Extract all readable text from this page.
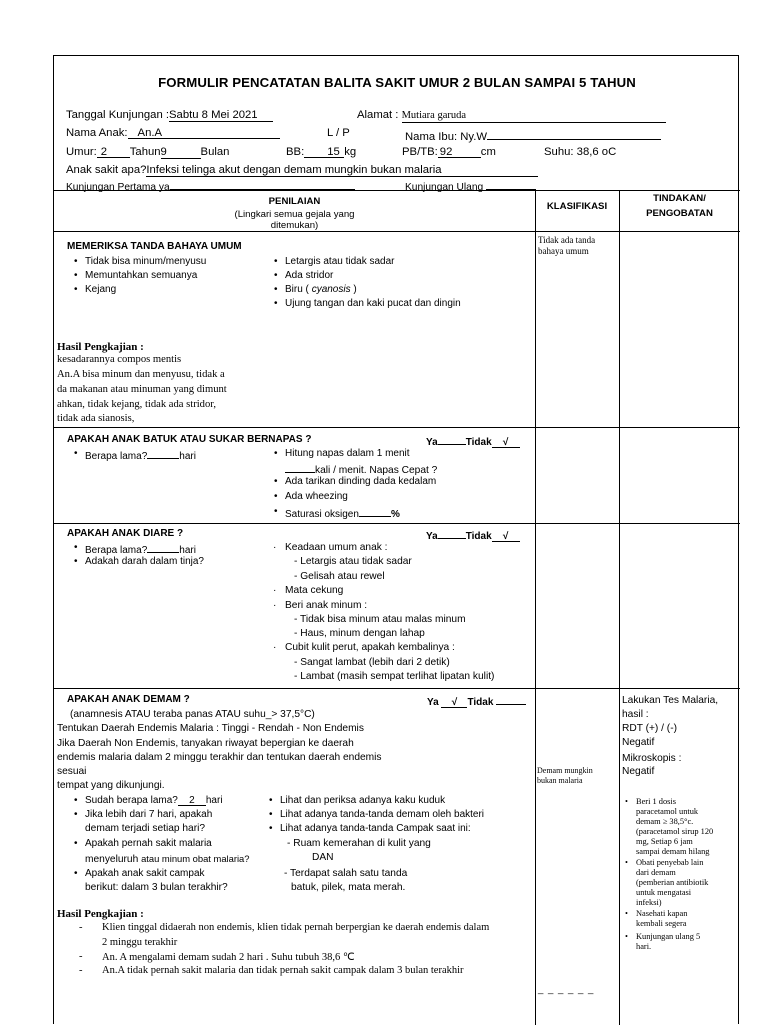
FORMULIR PENCATATAN BALITA SAKIT UMUR 2 BULAN SAMPAI 5 TAHUN
Tanggal Kunjungan :Sabtu 8 Mei 2021	Alamat : Mutiara garuda
Nama Anak: An.A	L / P	Nama Ibu: Ny.W
Umur: 2 Tahun9	Bulan	BB: 15 kg	PB/TB: 92	cm	Suhu: 38,6 oC
Anak sakit apa?Infeksi telinga akut dengan demam mungkin bukan malaria
Kunjungan Pertama ya	Kunjungan Ulang
PENILAIAN
(Lingkari semua gejala yang
ditemukan)
KLASIFIKASI
TINDAKAN/
PENGOBATAN
MEMERIKSA TANDA BAHAYA UMUM
• Tidak bisa minum/menyusu
• Memuntahkan semuanya
• Kejang
• Letargis atau tidak sadar
• Ada stridor
• Biru ( cyanosis )
• Ujung tangan dan kaki pucat dan dingin
Hasil Pengkajian :
kesadarannya compos mentis
An.A bisa minum dan menyusu, tidak a
da makanan atau minuman yang dimunt
ahkan, tidak kejang, tidak ada stridor,
tidak ada sianosis,
Tidak ada tanda
bahaya umum
APAKAH ANAK BATUK ATAU SUKAR BERNAPAS ?	Ya	Tidak √
• Berapa lama?	hari
•	Hitung napas dalam 1 menit
kali / menit. Napas Cepat ?
• Ada tarikan dinding dada kedalam
• Ada wheezing
• Saturasi oksigen	%
APAKAH ANAK DIARE ?	Ya	Tidak √
• Berapa lama?	hari
• Adakah darah dalam tinja?
· Keadaan umum anak :
- Letargis atau tidak sadar
- Gelisah atau rewel
· Mata cekung
· Beri anak minum :
- Tidak bisa minum atau malas minum
- Haus, minum dengan lahap
· Cubit kulit perut, apakah kembalinya :
- Sangat lambat (lebih dari 2 detik)
- Lambat (masih sempat terlihat lipatan kulit)
APAKAH ANAK DEMAM ?	Ya √ Tidak
(anamnesis ATAU teraba panas ATAU suhu_> 37,5°C)
Tentukan Daerah Endemis Malaria : Tinggi - Rendah - Non Endemis
Jika Daerah Non Endemis, tanyakan riwayat bepergian ke daerah
endemis malaria dalam 2 minggu terakhir dan tentukan daerah endemis
sesuai
tempat yang dikunjungi.
• Sudah berapa lama? 2 hari
• Jika lebih dari 7 hari, apakah
demam terjadi setiap hari?
• Apakah pernah sakit malaria
menyeluruh atau minum obat malaria?
• Apakah anak sakit campak
berikut: dalam 3 bulan terakhir?
• Lihat dan periksa adanya kaku kuduk
• Lihat adanya tanda-tanda demam oleh bakteri
• Lihat adanya tanda-tanda Campak saat ini:
- Ruam kemerahan di kulit yang
DAN
- Terdapat salah satu tanda
batuk, pilek, mata merah.
Hasil Pengkajian :
- Klien tinggal didaerah non endemis, klien tidak pernah berpergian ke daerah endemis dalam
2 minggu terakhir
- An. A mengalami demam sudah 2 hari . Suhu tubuh 38,6 ℃
- An.A tidak pernah sakit malaria dan tidak pernah sakit campak dalam 3 bulan terakhir
Demam mungkin
bukan malaria
_ _ _ _ _ _
Lakukan Tes Malaria,
hasil :
RDT (+) / (-)
Negatif
Mikroskopis :
Negatif
• Beri 1 dosis
paracetamol untuk
demam ≥ 38,5°c.
(paracetamol sirup 120
mg, Setiap 6 jam
sampai demam hilang
• Obati penyebab lain
dari demam
(pemberian antibiotik
untuk mengatasi
infeksi)
• Nasehati kapan
kembali segera
• Kunjungan ulang 5
hari.
